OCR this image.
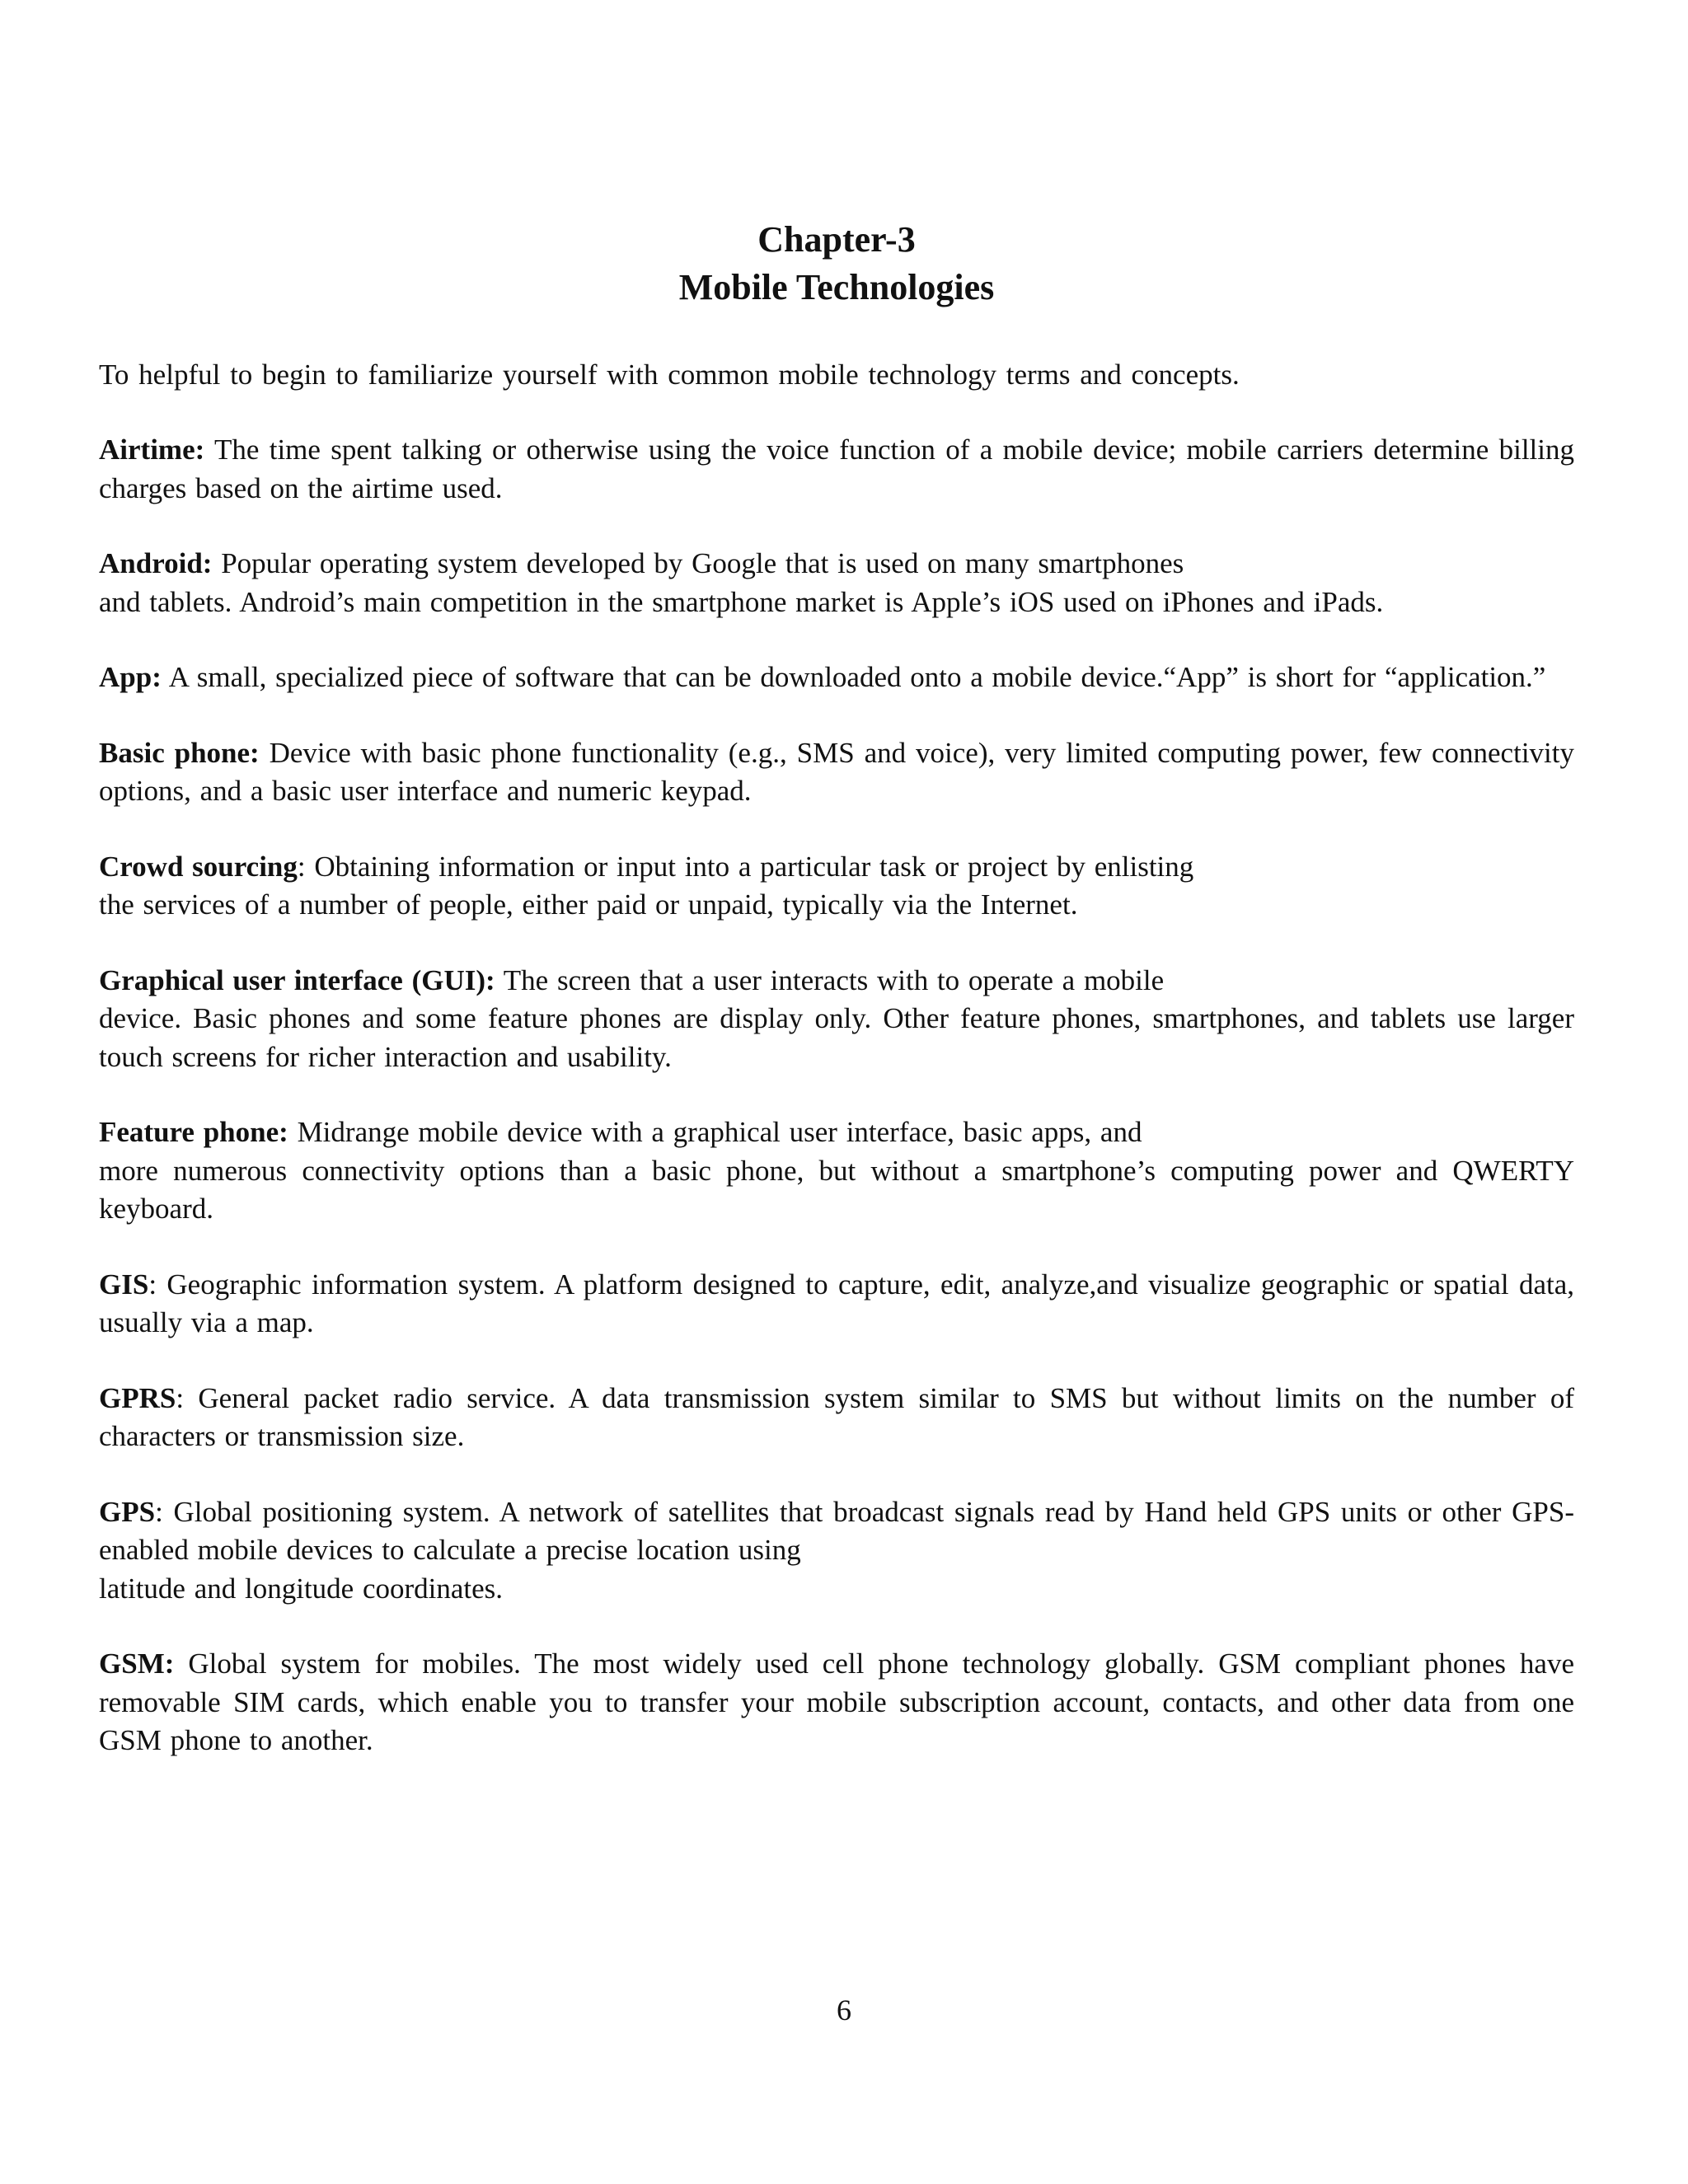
Chapter-3
Mobile Technologies

To helpful to begin to familiarize yourself with common mobile technology terms and concepts.

Airtime: The time spent talking or otherwise using the voice function of a mobile device; mobile carriers determine billing charges based on the airtime used.

Android: Popular operating system developed by Google that is used on many smartphones
and tablets. Android’s main competition in the smartphone market is Apple’s iOS used on iPhones and iPads.

App: A small, specialized piece of software that can be downloaded onto a mobile device.“App” is short for “application.”

Basic phone: Device with basic phone functionality (e.g., SMS and voice), very limited computing power, few connectivity options, and a basic user interface and numeric keypad.

Crowd sourcing: Obtaining information or input into a particular task or project by enlisting
the services of a number of people, either paid or unpaid, typically via the Internet.

Graphical user interface (GUI): The screen that a user interacts with to operate a mobile
device. Basic phones and some feature phones are display only. Other feature phones, smartphones, and tablets use larger touch screens for richer interaction and usability.

Feature phone: Midrange mobile device with a graphical user interface, basic apps, and
more numerous connectivity options than a basic phone, but without a smartphone’s computing power and QWERTY keyboard.

GIS: Geographic information system. A platform designed to capture, edit, analyze,and visualize geographic or spatial data, usually via a map.

GPRS: General packet radio service. A data transmission system similar to SMS but without limits on the number of characters or transmission size.

GPS: Global positioning system. A network of satellites that broadcast signals read by Hand held GPS units or other GPS-enabled mobile devices to calculate a precise location using
latitude and longitude coordinates.

GSM: Global system for mobiles. The most widely used cell phone technology globally. GSM compliant phones have removable SIM cards, which enable you to transfer your mobile subscription account, contacts, and other data from one GSM phone to another.

6
